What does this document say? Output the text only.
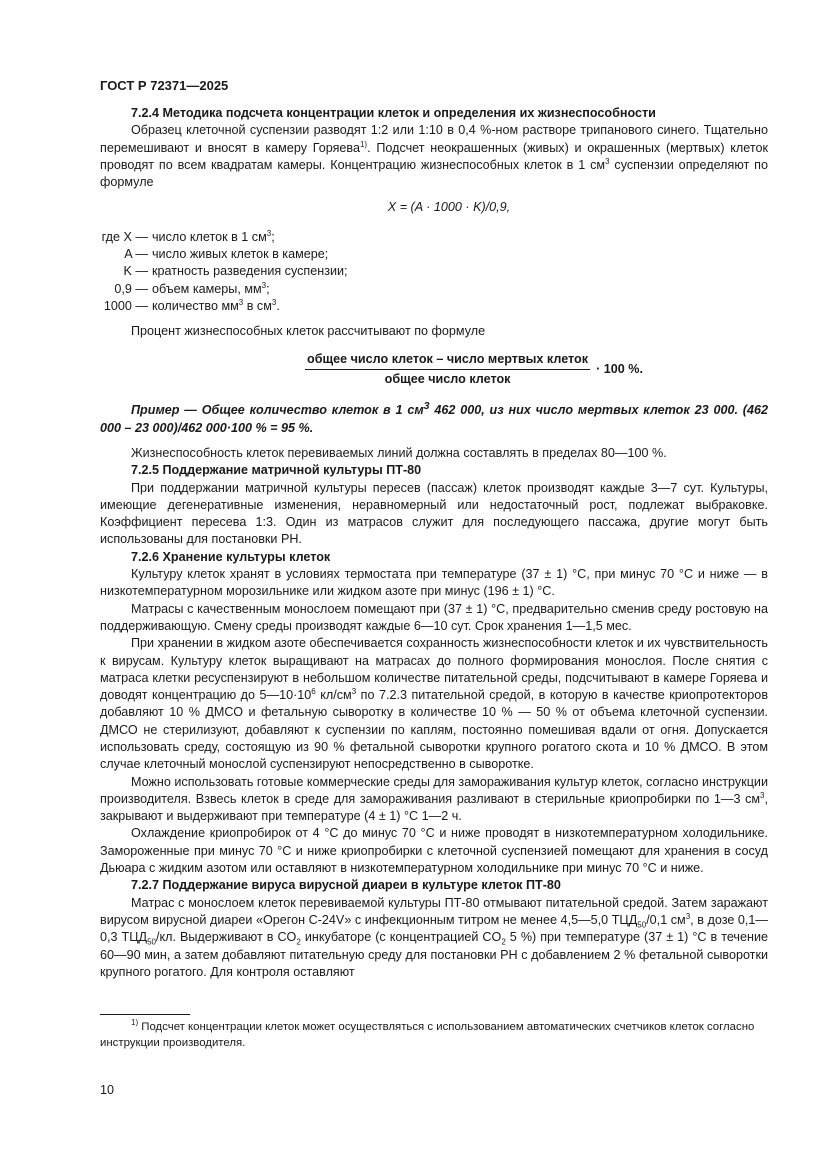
ГОСТ Р 72371—2025
7.2.4 Методика подсчета концентрации клеток и определения их жизнеспособности

Образец клеточной суспензии разводят 1:2 или 1:10 в 0,4 %-ном растворе трипанового синего. Тщательно перемешивают и вносят в камеру Горяева$^{1)}$. Подсчет неокрашенных (живых) и окрашенных (мертвых) клеток проводят по всем квадратам камеры. Концентрацию жизнеспособных клеток в 1 $см^3$ суспензии определяют по формуле

X = (A · 1000 · K)/0,9,
где X — число клеток в 1 $см^3$;
A — число живых клеток в камере;
K — кратность разведения суспензии;
0,9 — объем камеры, $мм^3$;
1000 — количество $мм^3$ в $см^3$.

Процент жизнеспособных клеток рассчитывают по формуле

$\frac{\text{общее число клеток – число мертвых клеток}}{\text{общее число клеток}} \cdot 100$ %.

Пример — Общее количество клеток в 1 $см^3$ 462 000, из них число мертвых клеток 23 000. (462 000 – 23 000)/462 000·100 % = 95 %.

Жизнеспособность клеток перевиваемых линий должна составлять в пределах 80—100 %.

7.2.5 Поддержание матричной культуры ПТ-80

При поддержании матричной культуры пересев (пассаж) клеток производят каждые 3—7 сут. Культуры, имеющие дегенеративные изменения, неравномерный или недостаточный рост, подлежат выбраковке. Коэффициент пересева 1:3. Один из матрасов служит для последующего пассажа, другие могут быть использованы для постановки РН.

7.2.6 Хранение культуры клеток

Культуру клеток хранят в условиях термостата при температуре (37 ± 1) °С, при минус 70 °С и ниже — в низкотемпературном морозильнике или жидком азоте при минус (196 ± 1) °С.

Матрасы с качественным монослоем помещают при (37 ± 1) °С, предварительно сменив среду ростовую на поддерживающую. Смену среды производят каждые 6—10 сут. Срок хранения 1—1,5 мес.

При хранении в жидком азоте обеспечивается сохранность жизнеспособности клеток и их чувствительность к вирусам. Культуру клеток выращивают на матрасах до полного формирования монослоя. После снятия с матраса клетки ресуспензируют в небольшом количестве питательной среды, подсчитывают в камере Горяева и доводят концентрацию до $5—10\cdot 10^6$ $кл/см^3$ по 7.2.3 питательной средой, в которую в качестве криопротекторов добавляют 10 % ДМСО и фетальную сыворотку в количестве 10 % — 50 % от объема клеточной суспензии. ДМСО не стерилизуют, добавляют к суспензии по каплям, постоянно помешивая вдали от огня. Допускается использовать среду, состоящую из 90 % фетальной сыворотки крупного рогатого скота и 10 % ДМСО. В этом случае клеточный монослой суспензируют непосредственно в сыворотке.

Можно использовать готовые коммерческие среды для замораживания культур клеток, согласно инструкции производителя. Взвесь клеток в среде для замораживания разливают в стерильные криопробирки по 1—3 $см^3$, закрывают и выдерживают при температуре (4 ± 1) °С 1—2 ч.

Охлаждение криопробирок от 4 °С до минус 70 °С и ниже проводят в низкотемпературном холодильнике. Замороженные при минус 70 °С и ниже криопробирки с клеточной суспензией помещают для хранения в сосуд Дьюара с жидким азотом или оставляют в низкотемпературном холодильнике при минус 70 °С и ниже.

7.2.7 Поддержание вируса вирусной диареи в культуре клеток ПТ-80

Матрас с монослоем клеток перевиваемой культуры ПТ-80 отмывают питательной средой. Затем заражают вирусом вирусной диареи «Орегон С-24V» с инфекционным титром не менее 4,5—5,0 $ТЦД_{50}/0,1$ $см^3$, в дозе 0,1—0,3 $ТЦД_{50}/кл$. Выдерживают в $CO_2$ инкубаторе (с концентрацией $CO_2$ 5 %) при температуре (37 ± 1) °С в течение 60—90 мин, а затем добавляют питательную среду для постановки РН с добавлением 2 % фетальной сыворотки крупного рогатого. Для контроля оставляют

$^{1)}$ Подсчет концентрации клеток может осуществляться с использованием автоматических счетчиков клеток согласно инструкции производителя.
10
